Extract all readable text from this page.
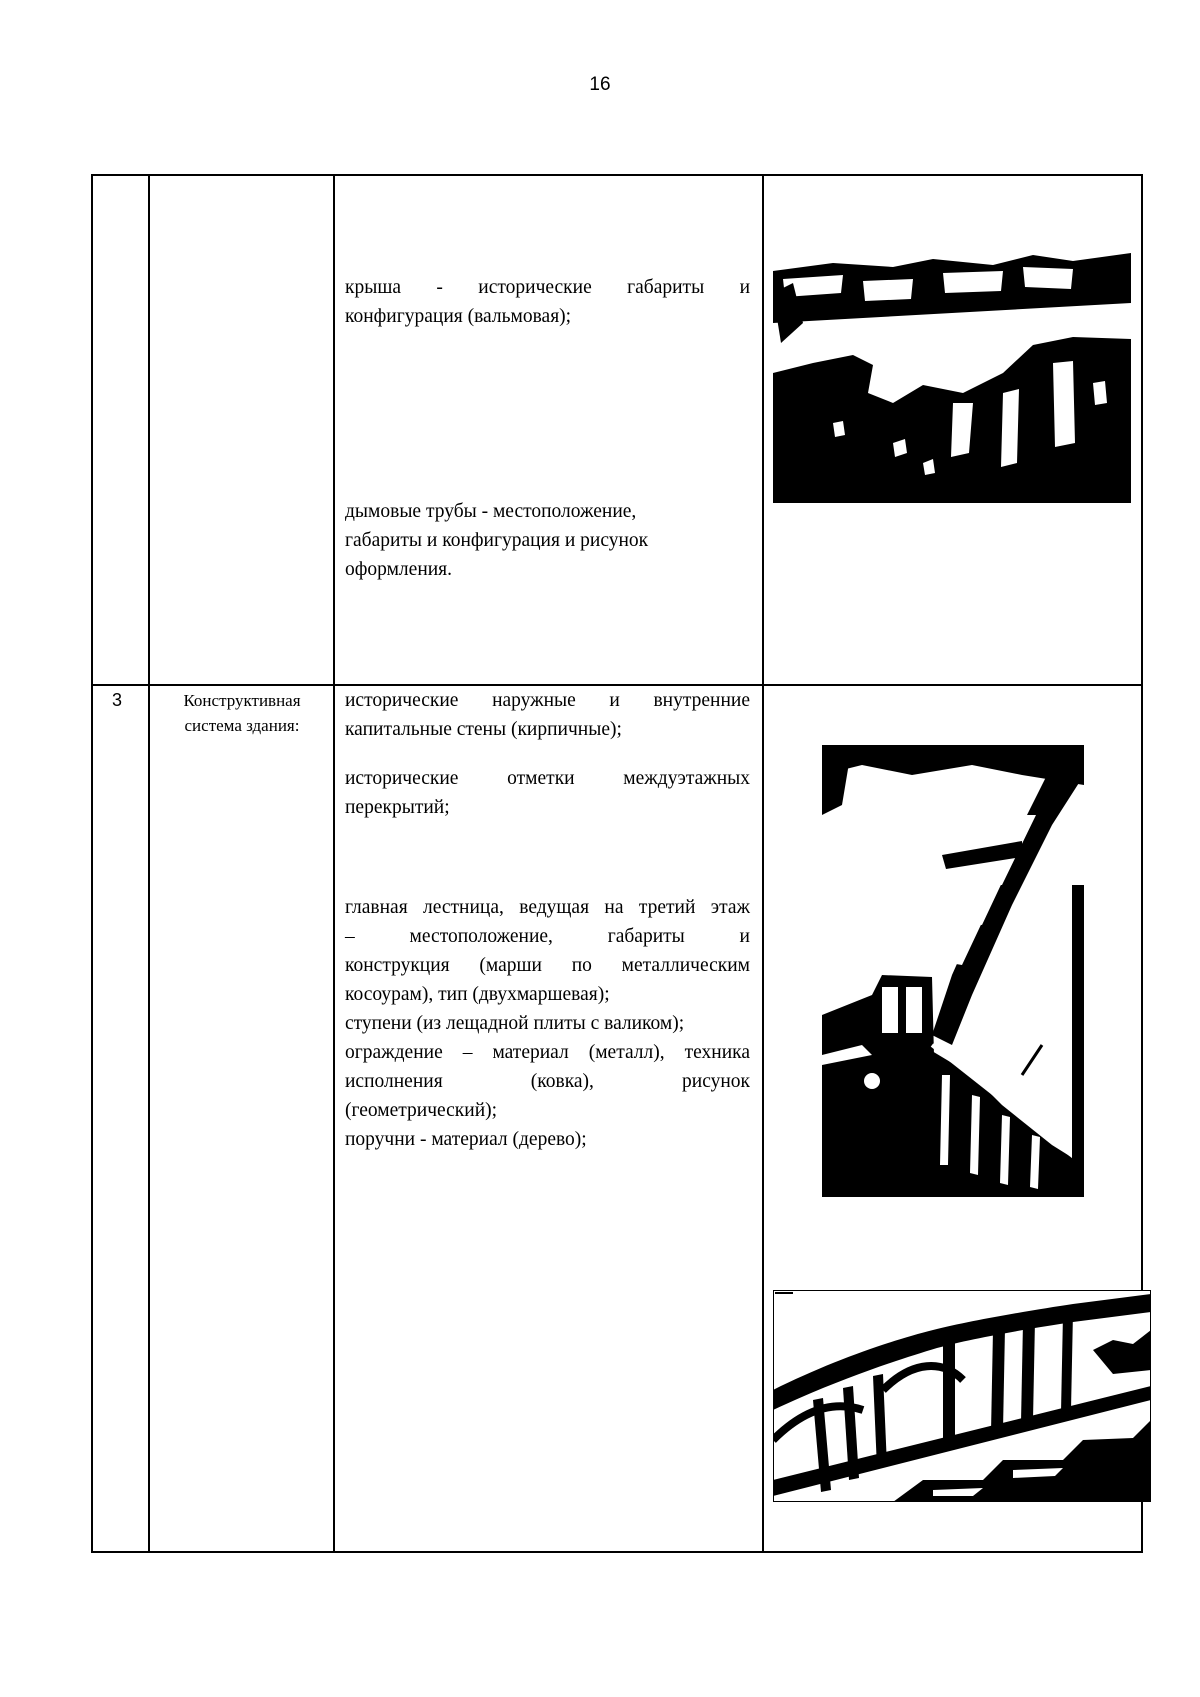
16
крыша - исторические габариты и
конфигурация (вальмовая);
дымовые трубы - местоположение,
габариты и конфигурация и рисунок
оформления.
3	Конструктивная
система здания:
исторические наружные и внутренние
капитальные стены (кирпичные);
исторические отметки междуэтажных
перекрытий;
главная лестница, ведущая на третий этаж
– местоположение, габариты и
конструкция (марши по металлическим
косоурам), тип (двухмаршевая);
ступени (из лещадной плиты с валиком);
ограждение – материал (металл), техника
исполнения (ковка), рисунок
(геометрический);
поручни - материал (дерево);
